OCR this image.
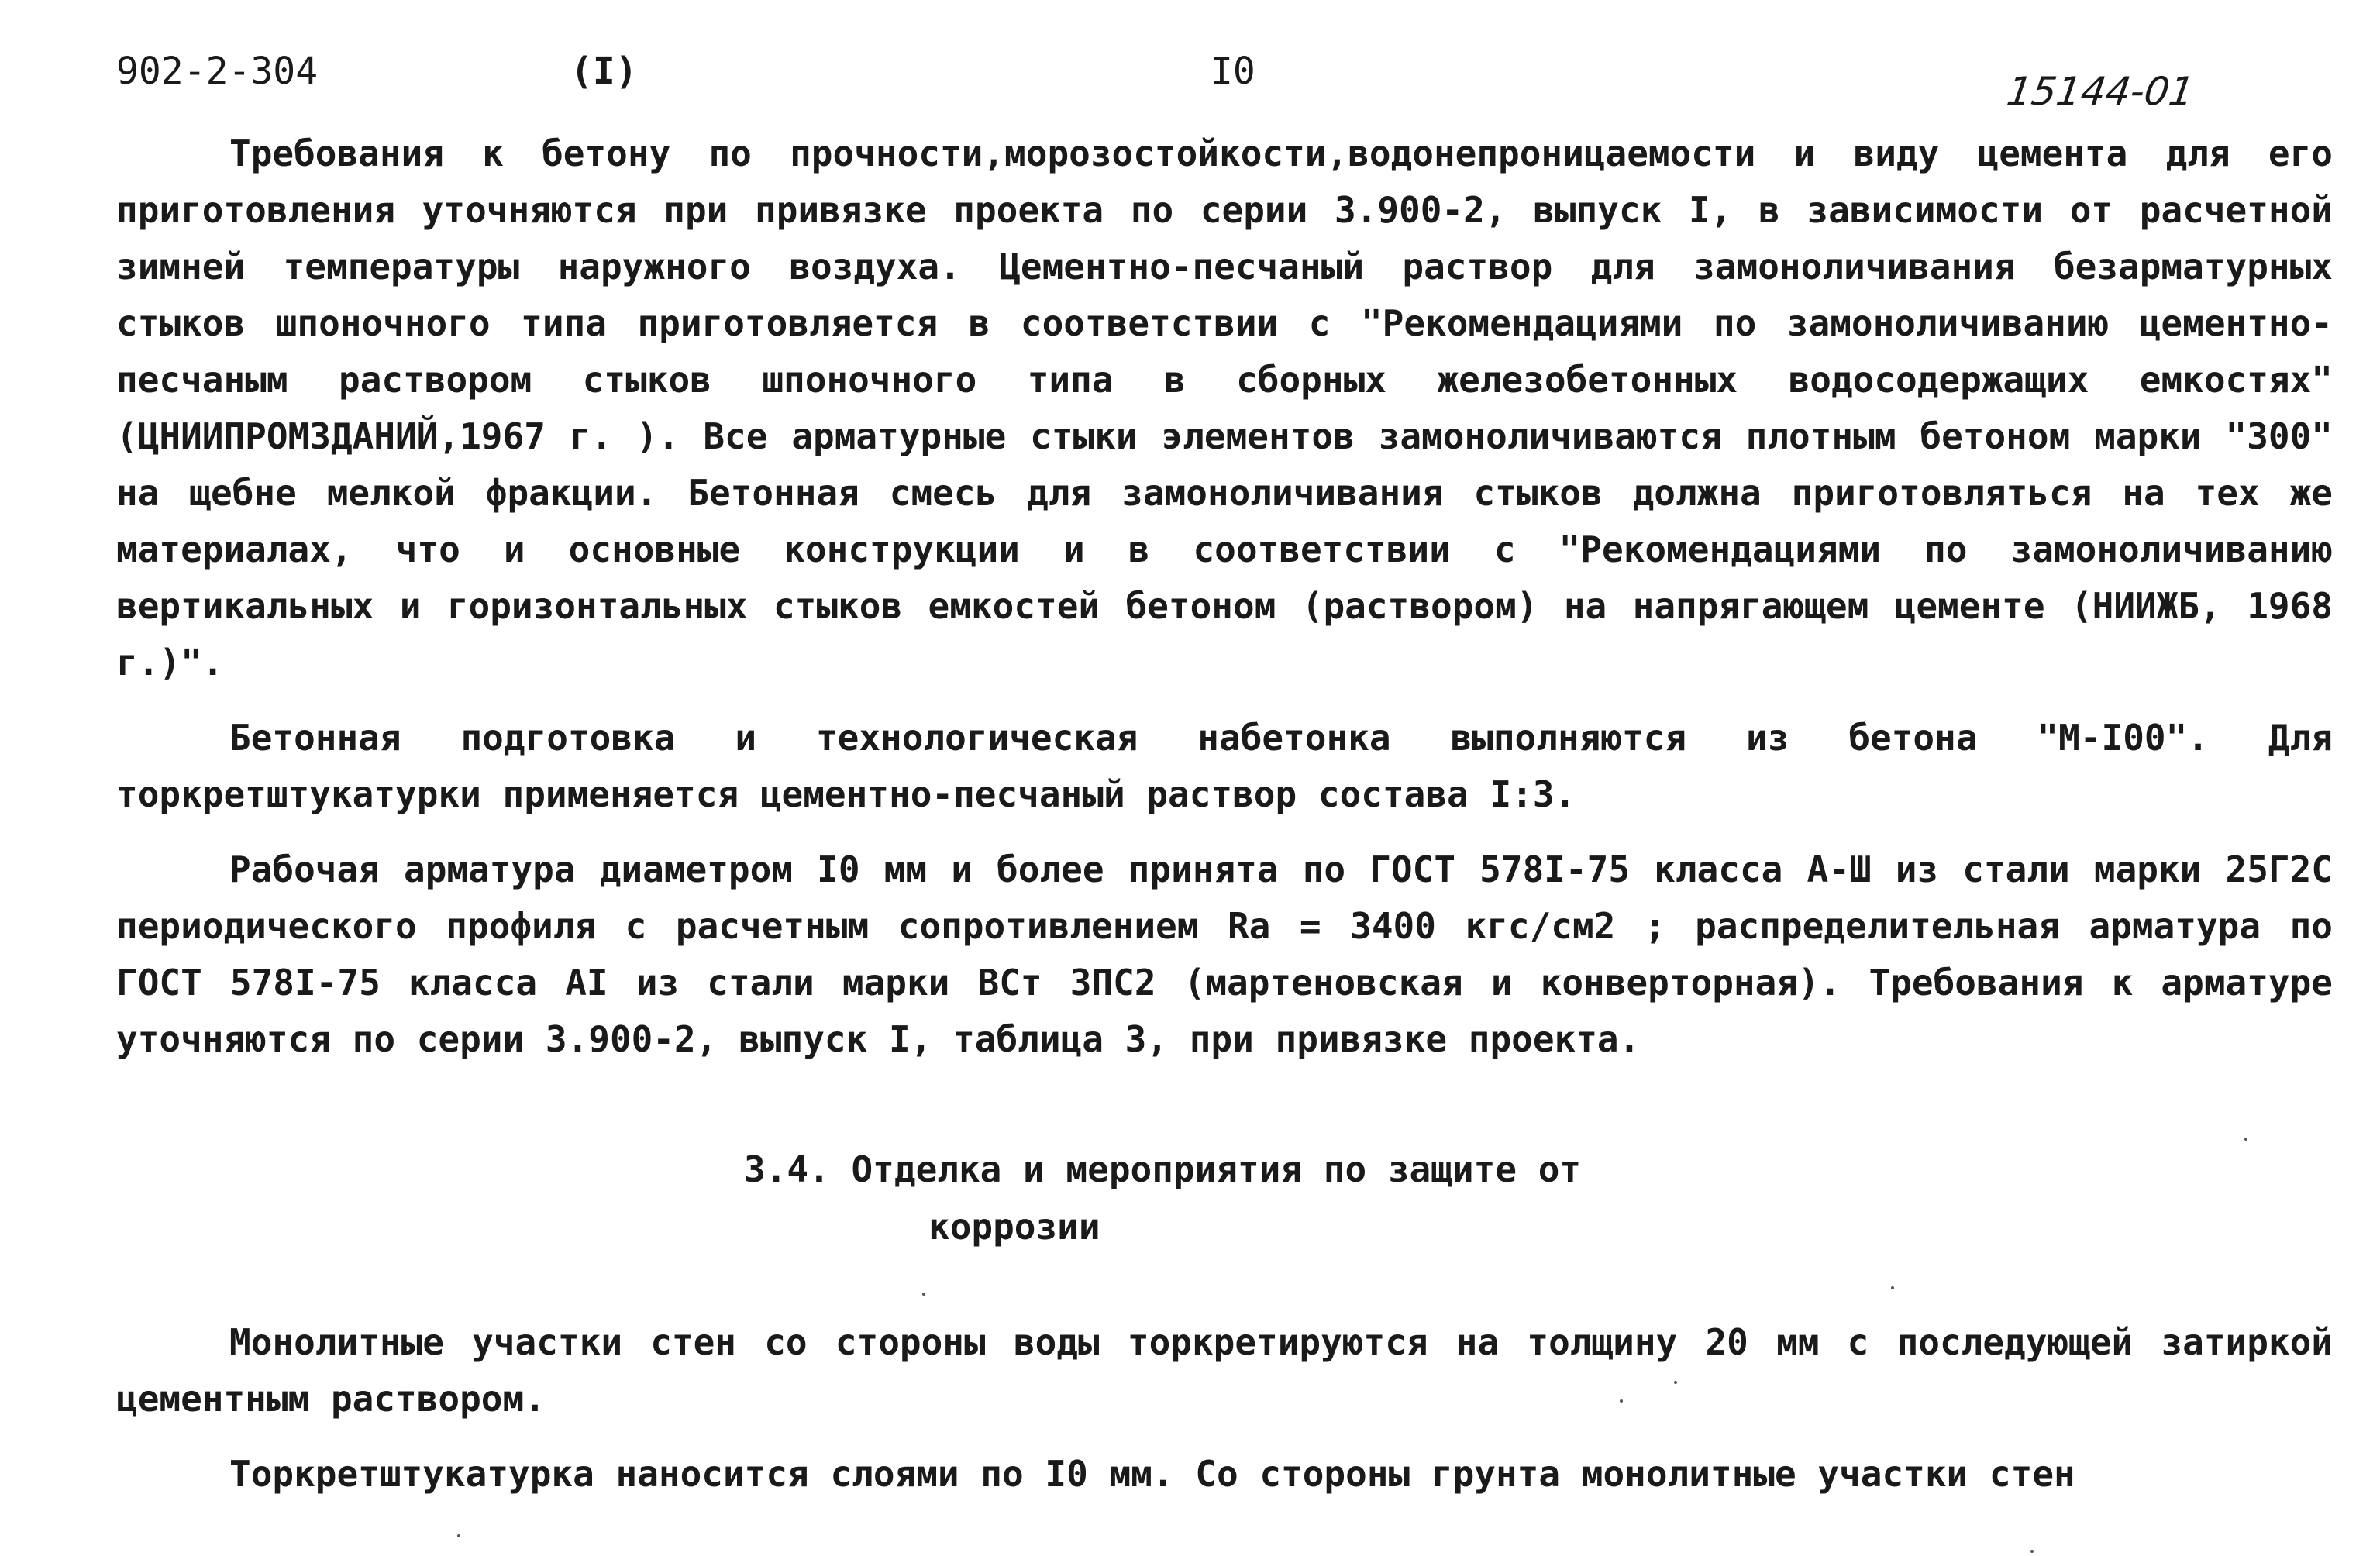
902-2-304	(I)	I0	15144-01

Требования к бетону по прочности,морозостойкости,водонепроницаемости и виду цемента для его приготовления уточняются при привязке проекта по серии 3.900-2, выпуск I, в зависимости от расчетной зимней температуры наружного воздуха. Цементно-песчаный раствор для замоноличивания безарматурных стыков шпоночного типа приготовляется в соответствии с "Рекомендациями по замоноличиванию цементно-песчаным раствором стыков шпоночного типа в сборных железобетонных водосодержащих емкостях" (ЦНИИПРОМЗДАНИЙ,1967 г. ). Все арматурные стыки элементов замоноличиваются плотным бетоном марки "300" на щебне мелкой фракции. Бетонная смесь для замоноличивания стыков должна приготовляться на тех же материалах, что и основные конструкции и в соответствии с "Рекомендациями по замоноличиванию вертикальных и горизонтальных стыков емкостей бетоном (раствором) на напрягающем цементе (НИИЖБ, 1968 г.)".

Бетонная подготовка и технологическая набетонка выполняются из бетона "М-I00". Для торкретштукатурки применяется цементно-песчаный раствор состава I:3.

Рабочая арматура диаметром I0 мм и более принята по ГОСТ 578I-75 класса А-Ш из стали марки 25Г2С периодического профиля с расчетным сопротивлением Ra = 3400 кгс/см2 ; распределительная арматура по ГОСТ 578I-75 класса АI из стали марки ВСт 3ПС2 (мартеновская и конверторная). Требования к арматуре уточняются по серии 3.900-2, выпуск I, таблица 3, при привязке проекта.

3.4. Отделка и мероприятия по защите от
коррозии

Монолитные участки стен со стороны воды торкретируются на толщину 20 мм с последующей затиркой цементным раствором.

Торкретштукатурка наносится слоями по I0 мм. Со стороны грунта монолитные участки стен
